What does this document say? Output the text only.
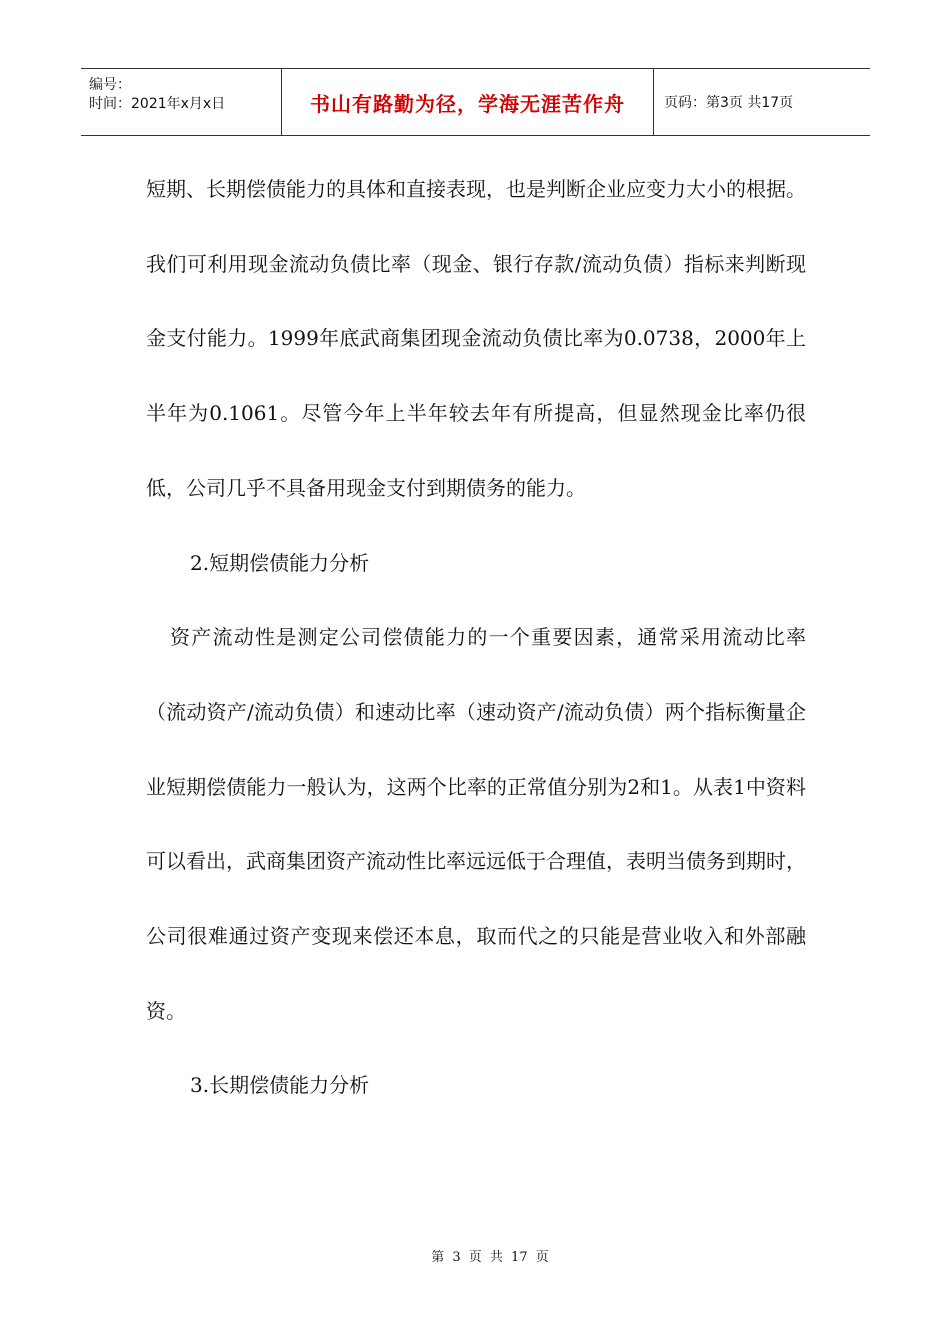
编号：
时间：2021年x月x日	书山有路勤为径，学海无涯苦作舟	页码：第3页 共17页

短期、长期偿债能力的具体和直接表现，也是判断企业应变力大小的根据。我们可利用现金流动负债比率（现金、银行存款/流动负债）指标来判断现金支付能力。1999年底武商集团现金流动负债比率为0.0738，2000年上半年为0.1061。尽管今年上半年较去年有所提高，但显然现金比率仍很低，公司几乎不具备用现金支付到期债务的能力。

2.短期偿债能力分析

资产流动性是测定公司偿债能力的一个重要因素，通常采用流动比率（流动资产/流动负债）和速动比率（速动资产/流动负债）两个指标衡量企业短期偿债能力一般认为，这两个比率的正常值分别为2和1。从表1中资料可以看出，武商集团资产流动性比率远远低于合理值，表明当债务到期时，公司很难通过资产变现来偿还本息，取而代之的只能是营业收入和外部融资。

3.长期偿债能力分析

第 3 页 共 17 页
